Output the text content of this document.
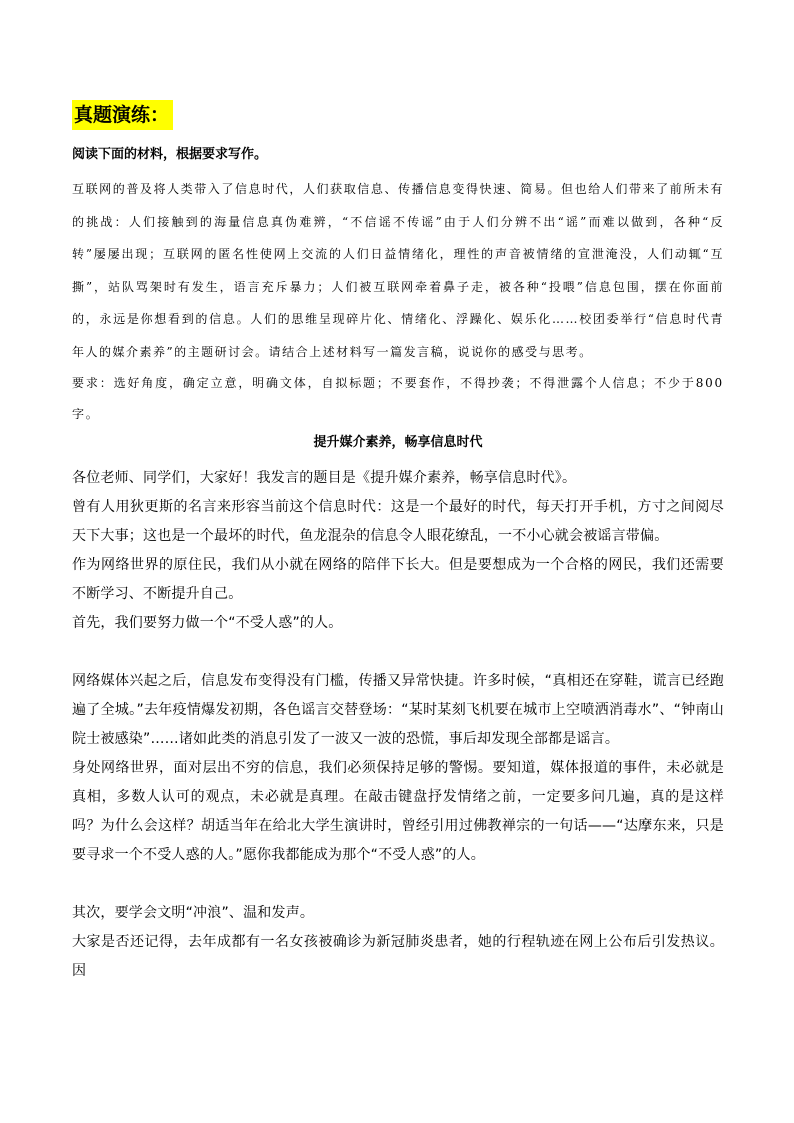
真题演练：

阅读下面的材料，根据要求写作。

互联网的普及将人类带入了信息时代，人们获取信息、传播信息变得快速、简易。但也给人们带来了前所未有的挑战：人们接触到的海量信息真伪难辨，“不信谣不传谣”由于人们分辨不出“谣”而难以做到，各种“反转”屡屡出现；互联网的匿名性使网上交流的人们日益情绪化，理性的声音被情绪的宣泄淹没，人们动辄“互撕”，站队骂架时有发生，语言充斥暴力；人们被互联网牵着鼻子走，被各种“投喂”信息包围，摆在你面前的，永远是你想看到的信息。人们的思维呈现碎片化、情绪化、浮躁化、娱乐化……校团委举行“信息时代青年人的媒介素养”的主题研讨会。请结合上述材料写一篇发言稿，说说你的感受与思考。

要求：选好角度，确定立意，明确文体，自拟标题；不要套作，不得抄袭；不得泄露个人信息；不少于800字。

提升媒介素养，畅享信息时代

各位老师、同学们，大家好！我发言的题目是《提升媒介素养，畅享信息时代》。

曾有人用狄更斯的名言来形容当前这个信息时代：这是一个最好的时代，每天打开手机，方寸之间阅尽天下大事；这也是一个最坏的时代，鱼龙混杂的信息令人眼花缭乱，一不小心就会被谣言带偏。

作为网络世界的原住民，我们从小就在网络的陪伴下长大。但是要想成为一个合格的网民，我们还需要不断学习、不断提升自己。

首先，我们要努力做一个“不受人惑”的人。

网络媒体兴起之后，信息发布变得没有门槛，传播又异常快捷。许多时候，“真相还在穿鞋，谎言已经跑遍了全城。”去年疫情爆发初期，各色谣言交替登场：“某时某刻飞机要在城市上空喷洒消毒水”、“钟南山院士被感染”……诸如此类的消息引发了一波又一波的恐慌，事后却发现全部都是谣言。

身处网络世界，面对层出不穷的信息，我们必须保持足够的警惕。要知道，媒体报道的事件，未必就是真相，多数人认可的观点，未必就是真理。在敲击键盘抒发情绪之前，一定要多问几遍，真的是这样吗？为什么会这样？胡适当年在给北大学生演讲时，曾经引用过佛教禅宗的一句话——“达摩东来，只是要寻求一个不受人惑的人。”愿你我都能成为那个“不受人惑”的人。

其次，要学会文明“冲浪”、温和发声。

大家是否还记得，去年成都有一名女孩被确诊为新冠肺炎患者，她的行程轨迹在网上公布后引发热议。因
